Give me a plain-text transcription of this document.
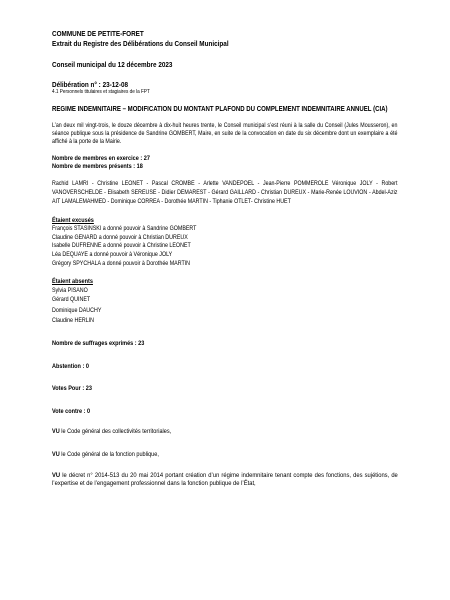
COMMUNE DE PETITE-FORET
Extrait du Registre des Délibérations du Conseil Municipal
Conseil municipal du 12 décembre 2023
Délibération n° : 23-12-08
4.1 Personnels titulaires et stagiaires de la FPT
REGIME INDEMNITAIRE – MODIFICATION DU MONTANT PLAFOND DU COMPLEMENT INDEMNITAIRE ANNUEL (CIA)
L’an deux mil vingt-trois, le douze décembre à dix-huit heures trente, le Conseil municipal s’est réuni à la salle du Conseil (Jules Mousseron), en séance publique sous la présidence de Sandrine GOMBERT, Maire, en suite de la convocation en date du six décembre dont un exemplaire a été affiché à la porte de la Mairie.
Nombre de membres en exercice : 27
Nombre de membres présents : 18
Rachid LAMRI - Christine LEONET - Pascal CROMBE - Arlette VANDEPOEL - Jean-Pierre POMMEROLE Véronique JOLY - Robert VANOVERSCHELDE - Elisabeth SEREUSE - Didier DEMAREST - Gérard GAILLARD - Christian DUREUX - Marie-Renée LOUVION - Abdel-Aziz AIT LAMALEMAHMED - Dominique CORREA - Dorothée MARTIN - Tiphanie OTLET- Christine HUET
Étaient excusés
François STASINSKI a donné pouvoir à Sandrine GOMBERT
Claudine GENARD a donné pouvoir à Christian DUREUX
Isabelle DUFRENNE a donné pouvoir à Christine LEONET
Léa DEQUAYE a donné pouvoir à Véronique JOLY
Grégory SPYCHALA a donné pouvoir à Dorothée MARTIN
Étaient absents
Sylvia PISANO
Gérard QUINET
Dominique DAUCHY
Claudine HERLIN
Nombre de suffrages exprimés : 23
Abstention : 0
Votes Pour : 23
Vote contre : 0
VU le Code général des collectivités territoriales,
VU le Code général de la fonction publique,
VU le décret n° 2014-513 du 20 mai 2014 portant création d’un régime indemnitaire tenant compte des fonctions, des sujétions, de l’expertise et de l’engagement professionnel dans la fonction publique de l’État,
